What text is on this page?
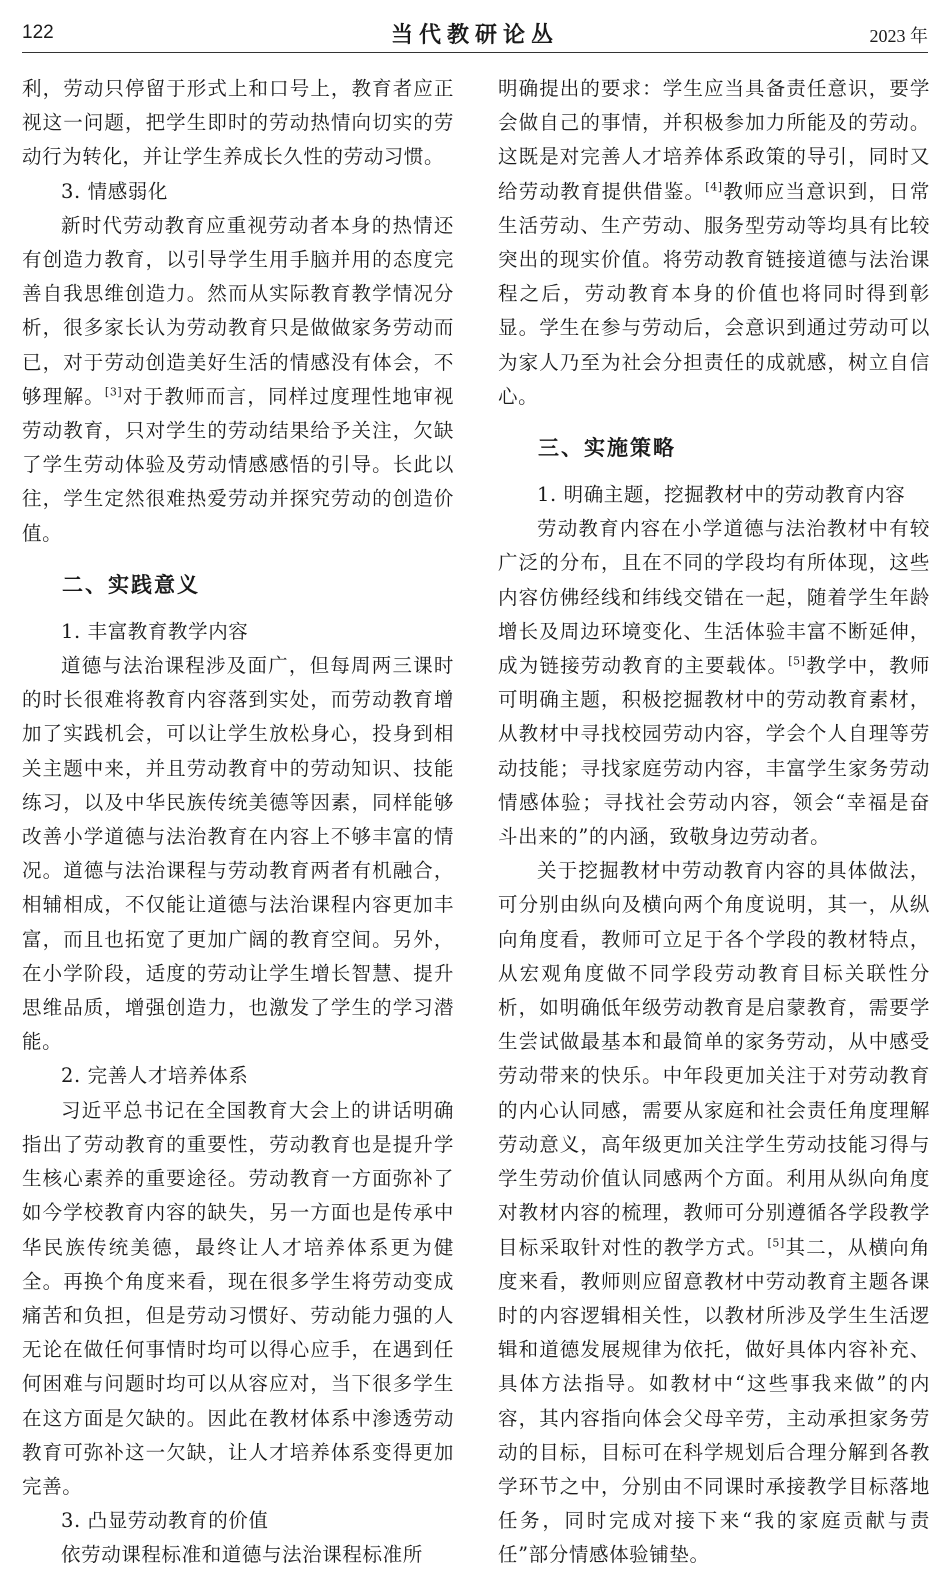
122	当代教研论丛	2023 年

利，劳动只停留于形式上和口号上，教育者应正视这一问题，把学生即时的劳动热情向切实的劳动行为转化，并让学生养成长久性的劳动习惯。

3. 情感弱化

新时代劳动教育应重视劳动者本身的热情还有创造力教育，以引导学生用手脑并用的态度完善自我思维创造力。然而从实际教育教学情况分析，很多家长认为劳动教育只是做做家务劳动而已，对于劳动创造美好生活的情感没有体会，不够理解。[3]对于教师而言，同样过度理性地审视劳动教育，只对学生的劳动结果给予关注，欠缺了学生劳动体验及劳动情感感悟的引导。长此以往，学生定然很难热爱劳动并探究劳动的创造价值。

二、实践意义

1. 丰富教育教学内容

道德与法治课程涉及面广，但每周两三课时的时长很难将教育内容落到实处，而劳动教育增加了实践机会，可以让学生放松身心，投身到相关主题中来，并且劳动教育中的劳动知识、技能练习，以及中华民族传统美德等因素，同样能够改善小学道德与法治教育在内容上不够丰富的情况。道德与法治课程与劳动教育两者有机融合，相辅相成，不仅能让道德与法治课程内容更加丰富，而且也拓宽了更加广阔的教育空间。另外，在小学阶段，适度的劳动让学生增长智慧、提升思维品质，增强创造力，也激发了学生的学习潜能。

2. 完善人才培养体系

习近平总书记在全国教育大会上的讲话明确指出了劳动教育的重要性，劳动教育也是提升学生核心素养的重要途径。劳动教育一方面弥补了如今学校教育内容的缺失，另一方面也是传承中华民族传统美德，最终让人才培养体系更为健全。再换个角度来看，现在很多学生将劳动变成痛苦和负担，但是劳动习惯好、劳动能力强的人无论在做任何事情时均可以得心应手，在遇到任何困难与问题时均可以从容应对，当下很多学生在这方面是欠缺的。因此在教材体系中渗透劳动教育可弥补这一欠缺，让人才培养体系变得更加完善。

3. 凸显劳动教育的价值

依劳动课程标准和道德与法治课程标准所

明确提出的要求：学生应当具备责任意识，要学会做自己的事情，并积极参加力所能及的劳动。这既是对完善人才培养体系政策的导引，同时又给劳动教育提供借鉴。[4]教师应当意识到，日常生活劳动、生产劳动、服务型劳动等均具有比较突出的现实价值。将劳动教育链接道德与法治课程之后，劳动教育本身的价值也将同时得到彰显。学生在参与劳动后，会意识到通过劳动可以为家人乃至为社会分担责任的成就感，树立自信心。

三、实施策略

1. 明确主题，挖掘教材中的劳动教育内容

劳动教育内容在小学道德与法治教材中有较广泛的分布，且在不同的学段均有所体现，这些内容仿佛经线和纬线交错在一起，随着学生年龄增长及周边环境变化、生活体验丰富不断延伸，成为链接劳动教育的主要载体。[5]教学中，教师可明确主题，积极挖掘教材中的劳动教育素材，从教材中寻找校园劳动内容，学会个人自理等劳动技能；寻找家庭劳动内容，丰富学生家务劳动情感体验；寻找社会劳动内容，领会“幸福是奋斗出来的”的内涵，致敬身边劳动者。

关于挖掘教材中劳动教育内容的具体做法，可分别由纵向及横向两个角度说明，其一，从纵向角度看，教师可立足于各个学段的教材特点，从宏观角度做不同学段劳动教育目标关联性分析，如明确低年级劳动教育是启蒙教育，需要学生尝试做最基本和最简单的家务劳动，从中感受劳动带来的快乐。中年段更加关注于对劳动教育的内心认同感，需要从家庭和社会责任角度理解劳动意义，高年级更加关注学生劳动技能习得与学生劳动价值认同感两个方面。利用从纵向角度对教材内容的梳理，教师可分别遵循各学段教学目标采取针对性的教学方式。[5]其二，从横向角度来看，教师则应留意教材中劳动教育主题各课时的内容逻辑相关性，以教材所涉及学生生活逻辑和道德发展规律为依托，做好具体内容补充、具体方法指导。如教材中“这些事我来做”的内容，其内容指向体会父母辛劳，主动承担家务劳动的目标，目标可在科学规划后合理分解到各教学环节之中，分别由不同课时承接教学目标落地任务，同时完成对接下来“我的家庭贡献与责任”部分情感体验铺垫。
